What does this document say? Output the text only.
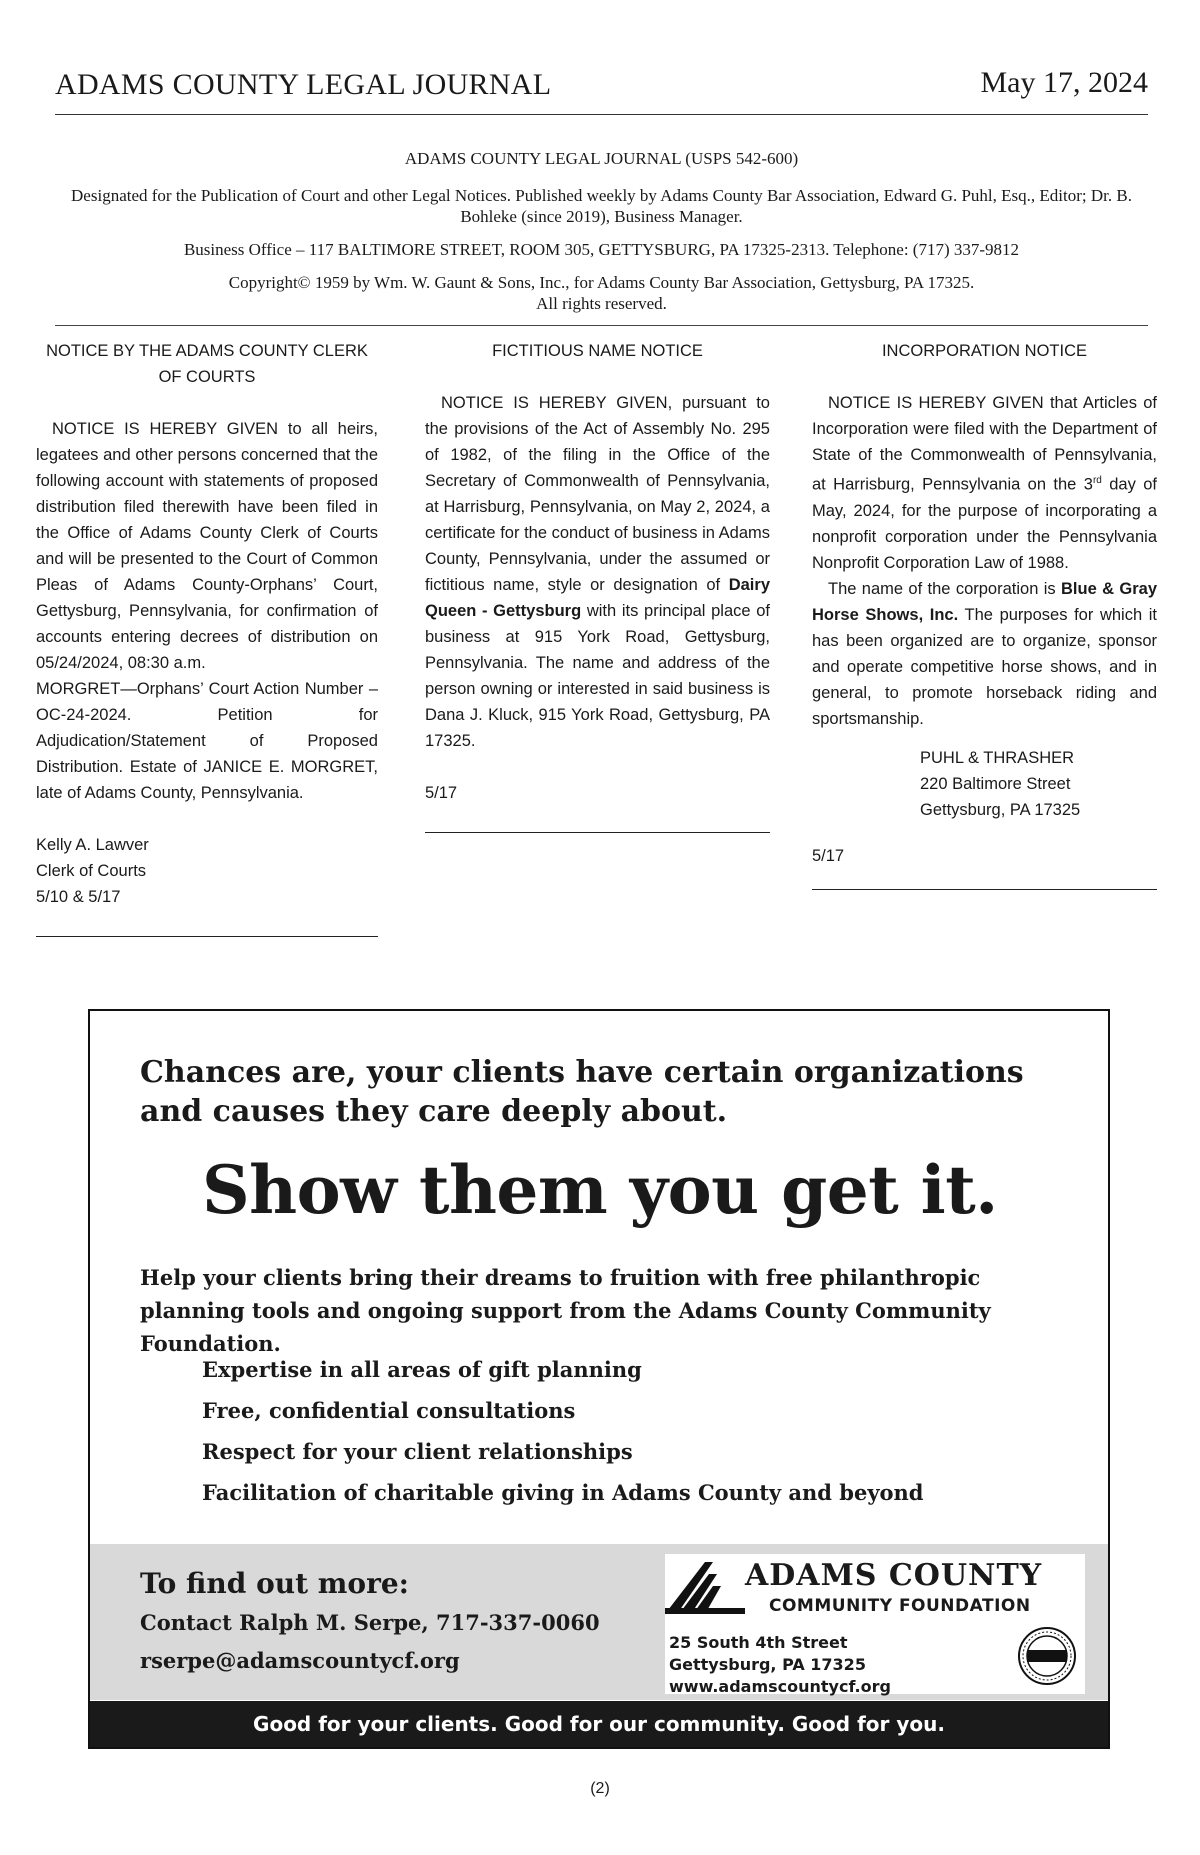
ADAMS COUNTY LEGAL JOURNAL	May 17, 2024

ADAMS COUNTY LEGAL JOURNAL (USPS 542-600)

Designated for the Publication of Court and other Legal Notices. Published weekly by Adams County Bar Association, Edward G. Puhl, Esq., Editor; Dr. B. Bohleke (since 2019), Business Manager.

Business Office – 117 BALTIMORE STREET, ROOM 305, GETTYSBURG, PA 17325-2313. Telephone: (717) 337-9812

Copyright© 1959 by Wm. W. Gaunt & Sons, Inc., for Adams County Bar Association, Gettysburg, PA 17325.

All rights reserved.

NOTICE BY THE ADAMS COUNTY CLERK OF COURTS

NOTICE IS HEREBY GIVEN to all heirs, legatees and other persons concerned that the following account with statements of proposed distribution filed therewith have been filed in the Office of Adams County Clerk of Courts and will be presented to the Court of Common Pleas of Adams County-Orphans’ Court, Gettysburg, Pennsylvania, for confirmation of accounts entering decrees of distribution on 05/24/2024, 08:30 a.m.

MORGRET—Orphans’ Court Action Number – OC-24-2024. Petition for Adjudication/Statement of Proposed Distribution. Estate of JANICE E. MORGRET, late of Adams County, Pennsylvania.

Kelly A. Lawver

Clerk of Courts

5/10 & 5/17

FICTITIOUS NAME NOTICE

NOTICE IS HEREBY GIVEN, pursuant to the provisions of the Act of Assembly No. 295 of 1982, of the filing in the Office of the Secretary of Commonwealth of Pennsylvania, at Harrisburg, Pennsylvania, on May 2, 2024, a certificate for the conduct of business in Adams County, Pennsylvania, under the assumed or fictitious name, style or designation of Dairy Queen - Gettysburg with its principal place of business at 915 York Road, Gettysburg, Pennsylvania. The name and address of the person owning or interested in said business is Dana J. Kluck, 915 York Road, Gettysburg, PA 17325.

5/17

INCORPORATION NOTICE

NOTICE IS HEREBY GIVEN that Articles of Incorporation were filed with the Department of State of the Commonwealth of Pennsylvania, at Harrisburg, Pennsylvania on the 3rd day of May, 2024, for the purpose of incorporating a nonprofit corporation under the Pennsylvania Nonprofit Corporation Law of 1988.

The name of the corporation is Blue & Gray Horse Shows, Inc. The purposes for which it has been organized are to organize, sponsor and operate competitive horse shows, and in general, to promote horseback riding and sportsmanship.

PUHL & THRASHER

220 Baltimore Street

Gettysburg, PA 17325

5/17

Chances are, your clients have certain organizations and causes they care deeply about.
Show them you get it.
Help your clients bring their dreams to fruition with free philanthropic planning tools and ongoing support from the Adams County Community Foundation.
Expertise in all areas of gift planning
Free, confidential consultations
Respect for your client relationships
Facilitation of charitable giving in Adams County and beyond
To find out more:
Contact Ralph M. Serpe, 717-337-0060
rserpe@adamscountycf.org
ADAMS COUNTY
COMMUNITY FOUNDATION
25 South 4th Street
Gettysburg, PA 17325
www.adamscountycf.org
Good for your clients. Good for our community. Good for you.
(2)
